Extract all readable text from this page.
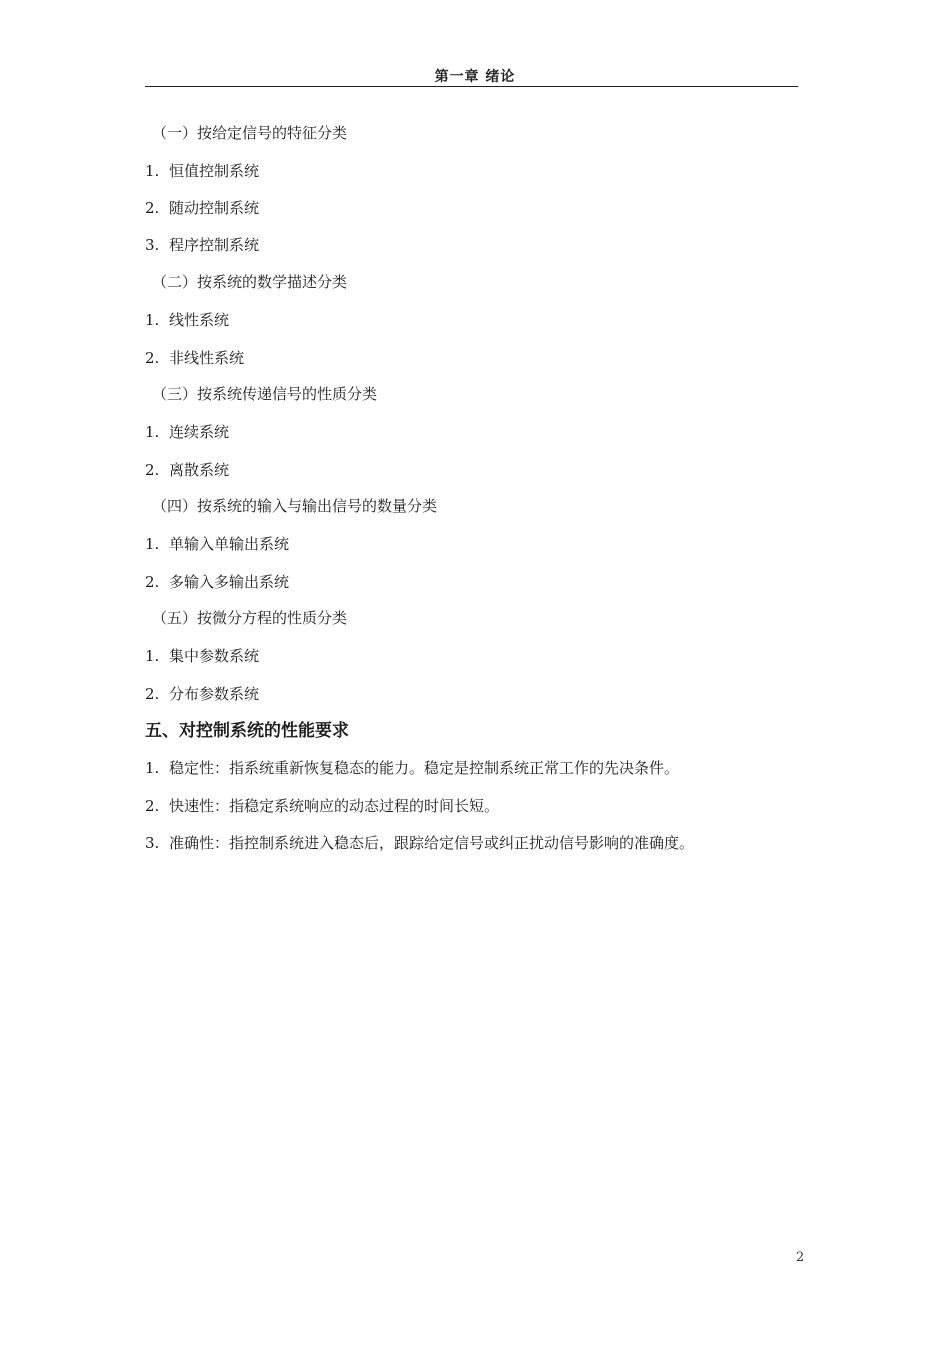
第一章 绪论
（一）按给定信号的特征分类
1. 恒值控制系统
2. 随动控制系统
3. 程序控制系统
（二）按系统的数学描述分类
1. 线性系统
2. 非线性系统
（三）按系统传递信号的性质分类
1. 连续系统
2. 离散系统
（四）按系统的输入与输出信号的数量分类
1. 单输入单输出系统
2. 多输入多输出系统
（五）按微分方程的性质分类
1. 集中参数系统
2. 分布参数系统
五、对控制系统的性能要求
1. 稳定性：指系统重新恢复稳态的能力。稳定是控制系统正常工作的先决条件。
2. 快速性：指稳定系统响应的动态过程的时间长短。
3. 准确性：指控制系统进入稳态后，跟踪给定信号或纠正扰动信号影响的准确度。
2
